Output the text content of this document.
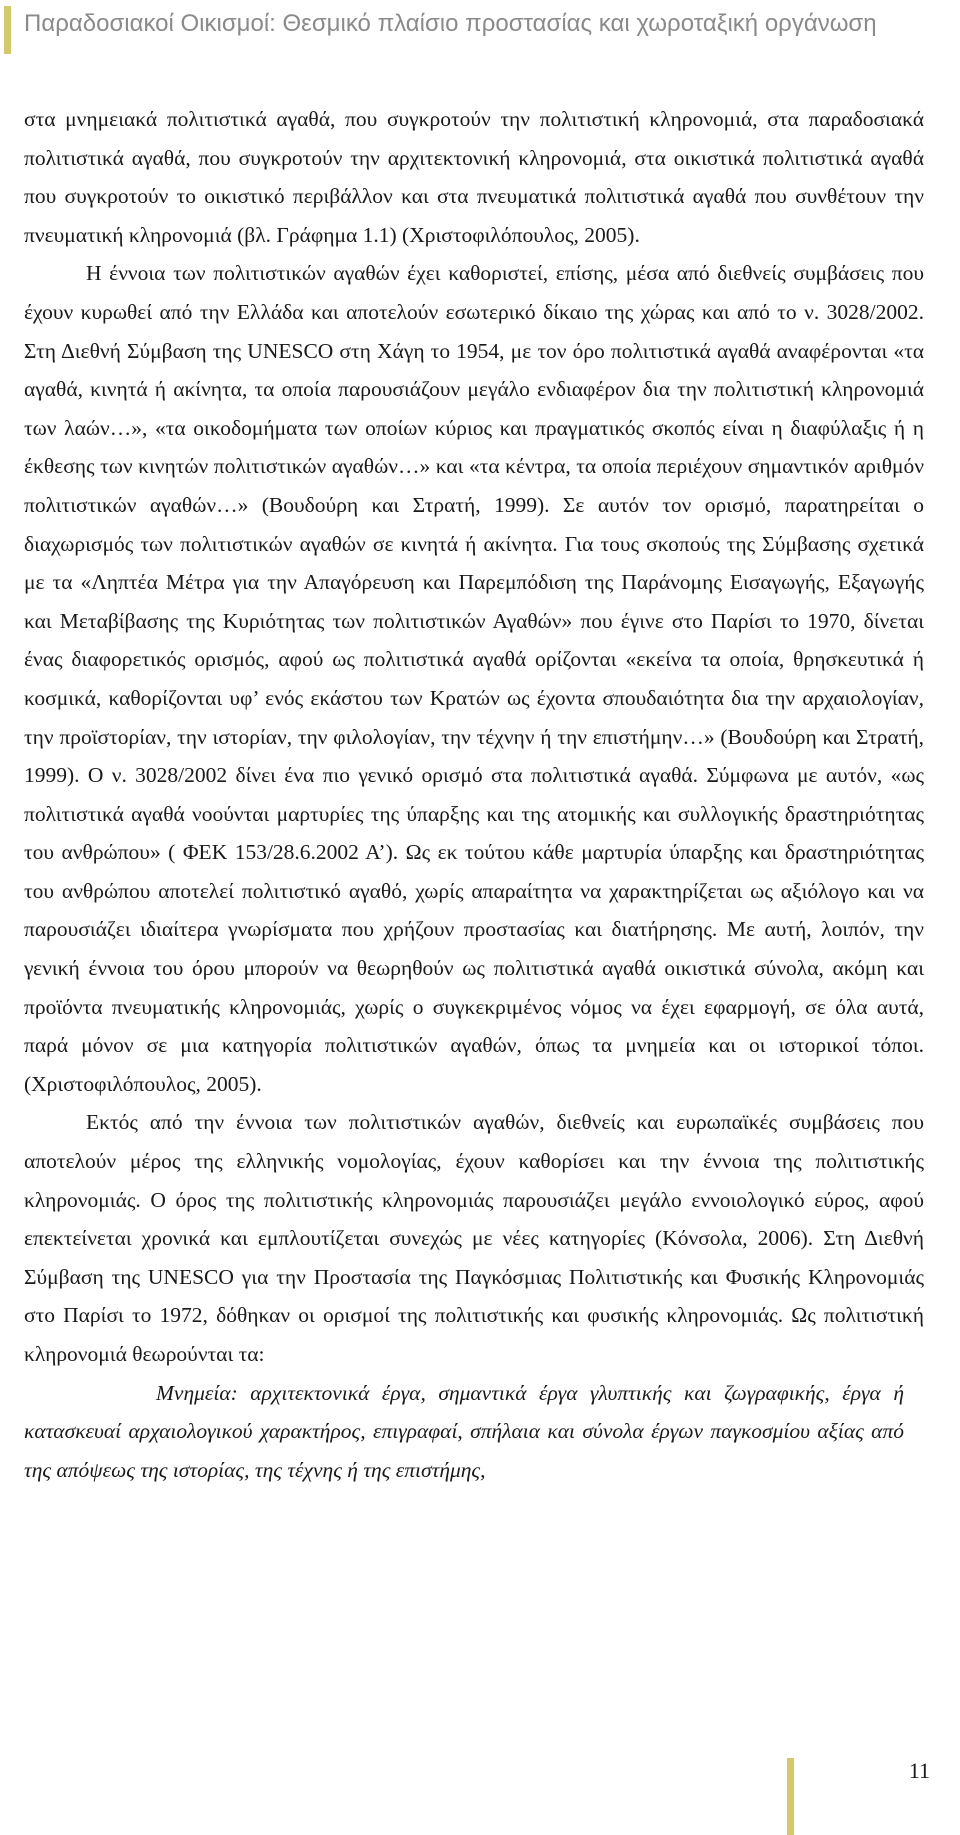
Παραδοσιακοί Οικισμοί: Θεσμικό πλαίσιο προστασίας και χωροταξική οργάνωση

στα μνημειακά πολιτιστικά αγαθά, που συγκροτούν την πολιτιστική κληρονομιά, στα παραδοσιακά πολιτιστικά αγαθά, που συγκροτούν την αρχιτεκτονική κληρονομιά, στα οικιστικά πολιτιστικά αγαθά που συγκροτούν το οικιστικό περιβάλλον και στα πνευματικά πολιτιστικά αγαθά που συνθέτουν την πνευματική κληρονομιά (βλ. Γράφημα 1.1) (Χριστοφιλόπουλος, 2005).

Η έννοια των πολιτιστικών αγαθών έχει καθοριστεί, επίσης, μέσα από διεθνείς συμβάσεις που έχουν κυρωθεί από την Ελλάδα και αποτελούν εσωτερικό δίκαιο της χώρας και από το ν. 3028/2002. Στη Διεθνή Σύμβαση της UNESCO στη Χάγη το 1954, με τον όρο πολιτιστικά αγαθά αναφέρονται «τα αγαθά, κινητά ή ακίνητα, τα οποία παρουσιάζουν μεγάλο ενδιαφέρον δια την πολιτιστική κληρονομιά των λαών…», «τα οικοδομήματα των οποίων κύριος και πραγματικός σκοπός είναι η διαφύλαξις ή η έκθεσης των κινητών πολιτιστικών αγαθών…» και «τα κέντρα, τα οποία περιέχουν σημαντικόν αριθμόν πολιτιστικών αγαθών…» (Βουδούρη και Στρατή, 1999). Σε αυτόν τον ορισμό, παρατηρείται ο διαχωρισμός των πολιτιστικών αγαθών σε κινητά ή ακίνητα. Για τους σκοπούς της Σύμβασης σχετικά με τα «Ληπτέα Μέτρα για την Απαγόρευση και Παρεμπόδιση της Παράνομης Εισαγωγής, Εξαγωγής και Μεταβίβασης της Κυριότητας των πολιτιστικών Αγαθών» που έγινε στο Παρίσι το 1970, δίνεται ένας διαφορετικός ορισμός, αφού ως πολιτιστικά αγαθά ορίζονται «εκείνα τα οποία, θρησκευτικά ή κοσμικά, καθορίζονται υφ’ ενός εκάστου των Κρατών ως έχοντα σπουδαιότητα δια την αρχαιολογίαν, την προϊστορίαν, την ιστορίαν, την φιλολογίαν, την τέχνην ή την επιστήμην…» (Βουδούρη και Στρατή, 1999). Ο ν. 3028/2002 δίνει ένα πιο γενικό ορισμό στα πολιτιστικά αγαθά. Σύμφωνα με αυτόν, «ως πολιτιστικά αγαθά νοούνται μαρτυρίες της ύπαρξης και της ατομικής και συλλογικής δραστηριότητας του ανθρώπου» ( ΦΕΚ 153/28.6.2002 Α’). Ως εκ τούτου κάθε μαρτυρία ύπαρξης και δραστηριότητας του ανθρώπου αποτελεί πολιτιστικό αγαθό, χωρίς απαραίτητα να χαρακτηρίζεται ως αξιόλογο και να παρουσιάζει ιδιαίτερα γνωρίσματα που χρήζουν προστασίας και διατήρησης. Με αυτή, λοιπόν, την γενική έννοια του όρου μπορούν να θεωρηθούν ως πολιτιστικά αγαθά οικιστικά σύνολα, ακόμη και προϊόντα πνευματικής κληρονομιάς, χωρίς ο συγκεκριμένος νόμος να έχει εφαρμογή, σε όλα αυτά, παρά μόνον σε μια κατηγορία πολιτιστικών αγαθών, όπως τα μνημεία και οι ιστορικοί τόποι. (Χριστοφιλόπουλος, 2005).

Εκτός από την έννοια των πολιτιστικών αγαθών, διεθνείς και ευρωπαϊκές συμβάσεις που αποτελούν μέρος της ελληνικής νομολογίας, έχουν καθορίσει και την έννοια της πολιτιστικής κληρονομιάς. Ο όρος της πολιτιστικής κληρονομιάς παρουσιάζει μεγάλο εννοιολογικό εύρος, αφού επεκτείνεται χρονικά και εμπλουτίζεται συνεχώς με νέες κατηγορίες (Κόνσολα, 2006). Στη Διεθνή Σύμβαση της UNESCO για την Προστασία της Παγκόσμιας Πολιτιστικής και Φυσικής Κληρονομιάς στο Παρίσι το 1972, δόθηκαν οι ορισμοί της πολιτιστικής και φυσικής κληρονομιάς. Ως πολιτιστική κληρονομιά θεωρούνται τα:

Μνημεία: αρχιτεκτονικά έργα, σημαντικά έργα γλυπτικής και ζωγραφικής, έργα ή κατασκευαί αρχαιολογικού χαρακτήρος, επιγραφαί, σπήλαια και σύνολα έργων παγκοσμίου αξίας από της απόψεως της ιστορίας, της τέχνης ή της επιστήμης,

11
